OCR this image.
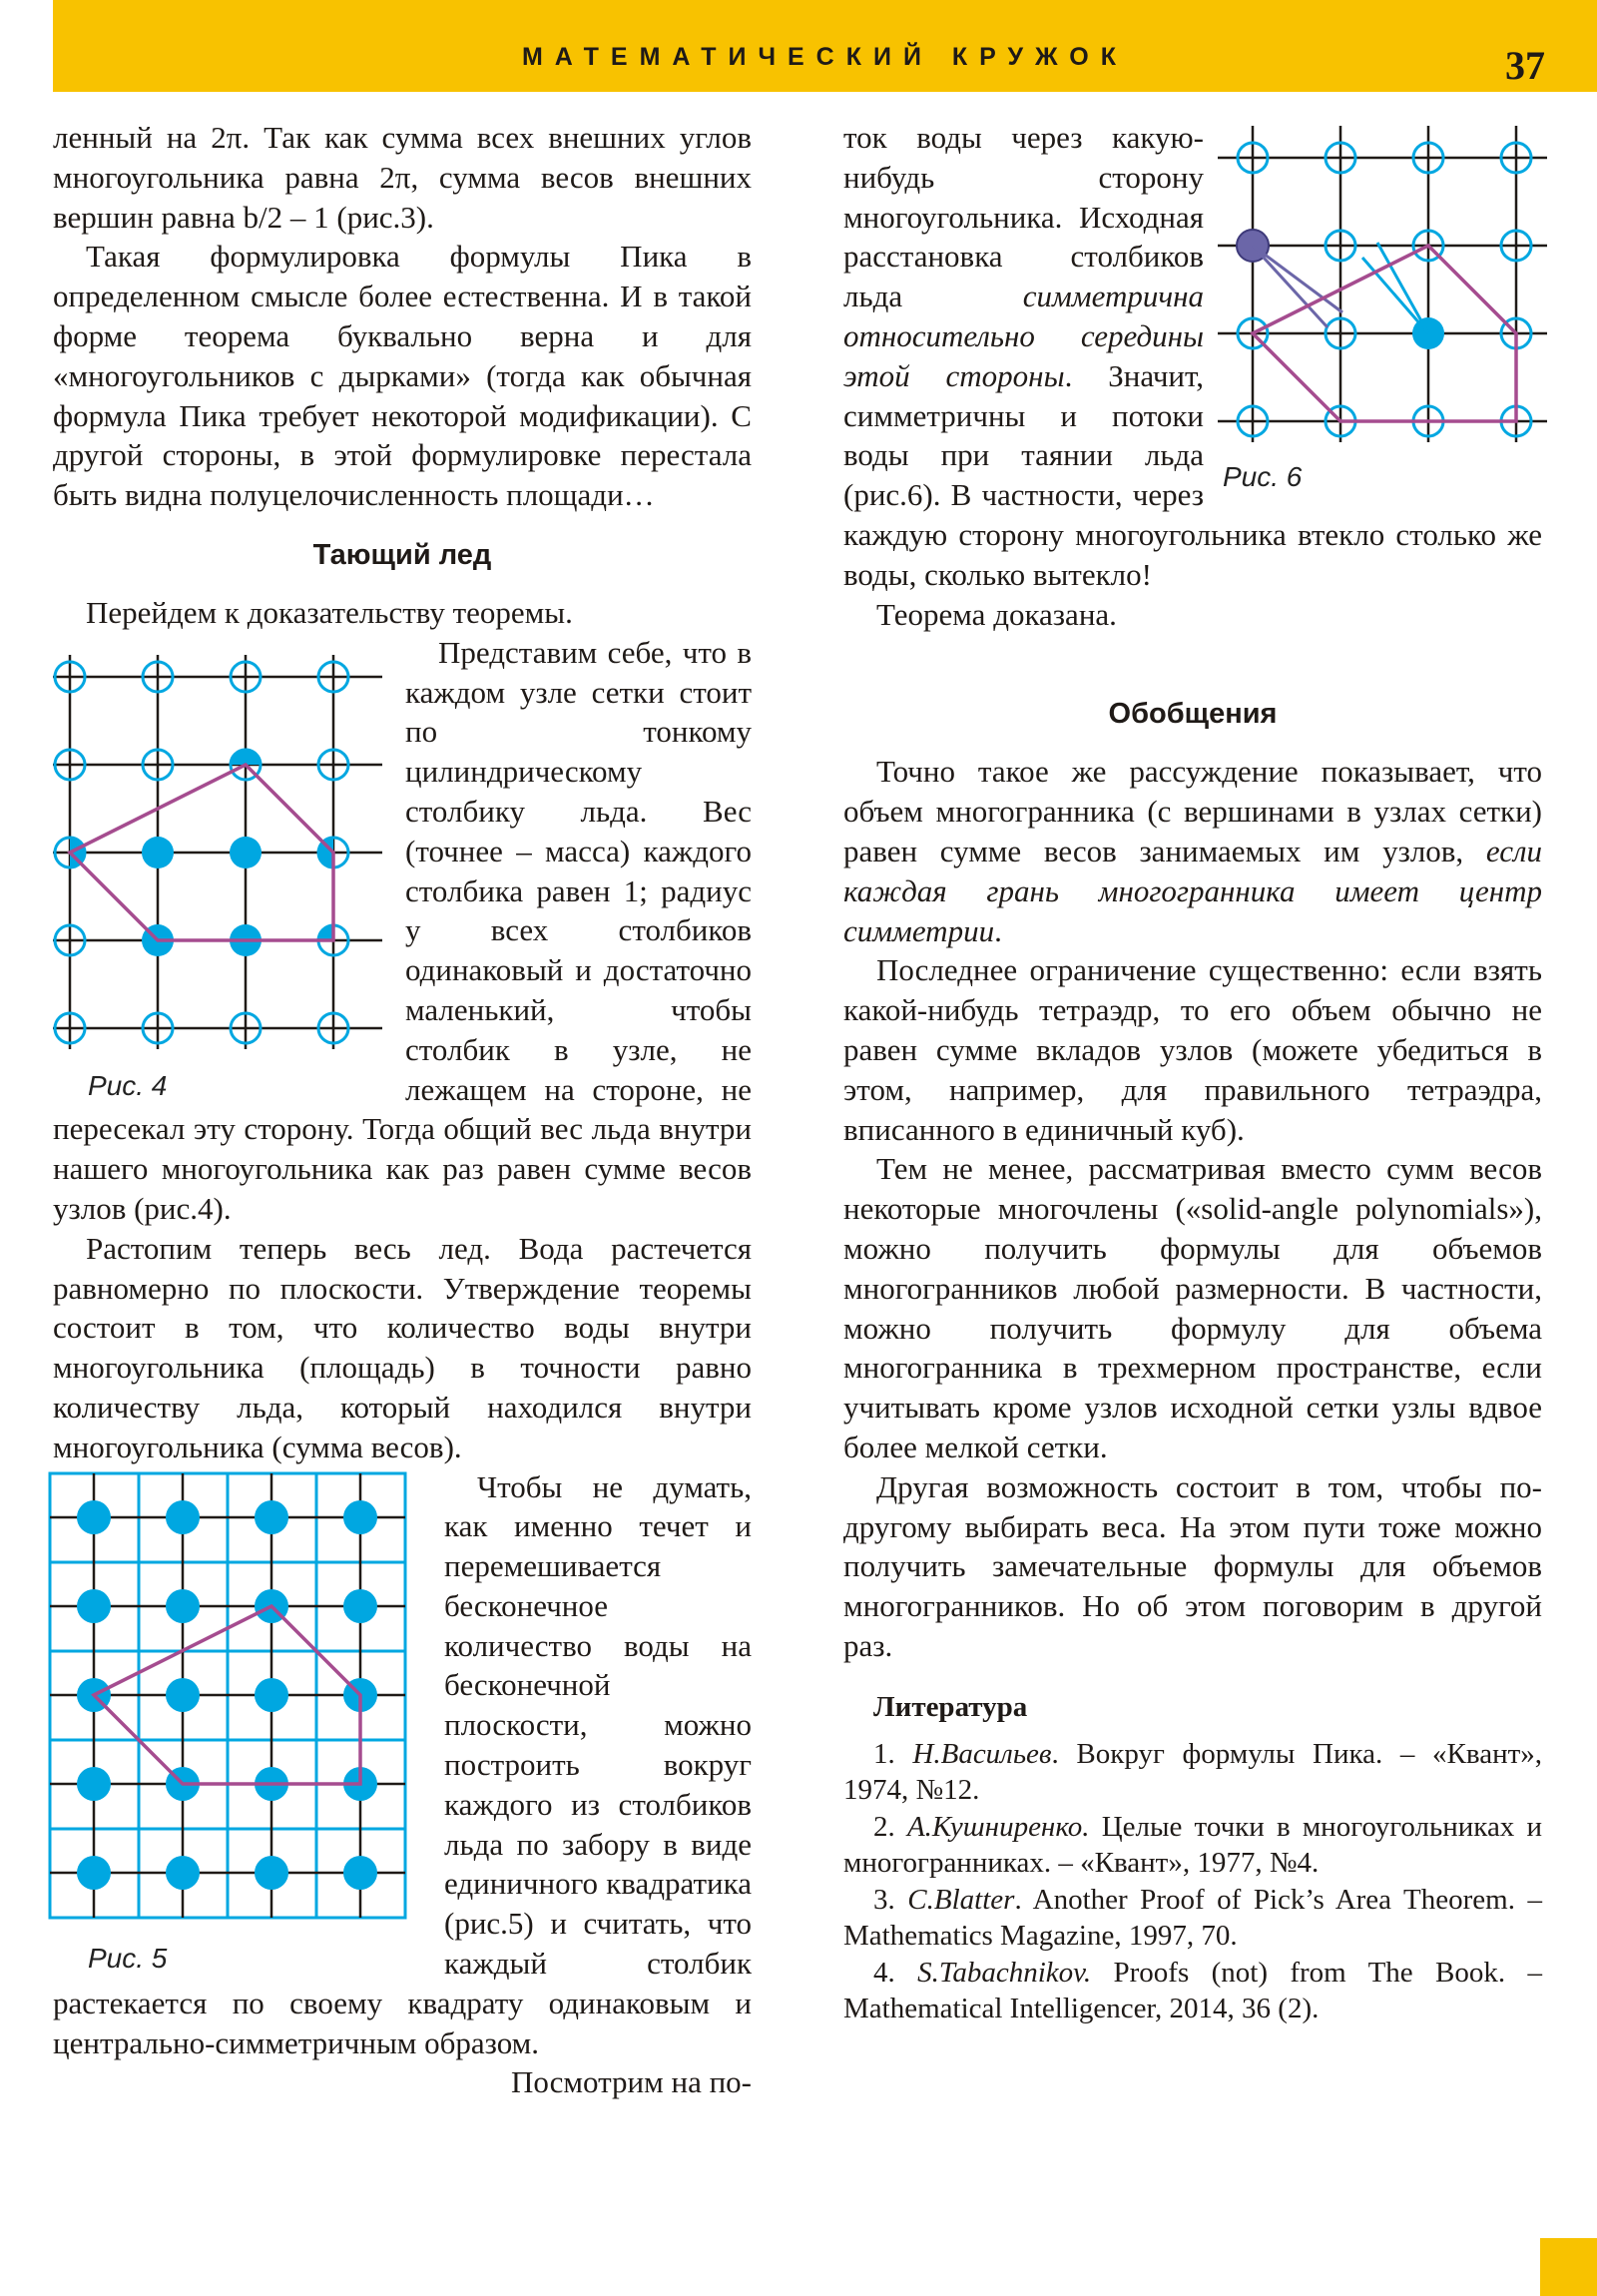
МАТЕМАТИЧЕСКИЙ КРУЖОК	37

ленный на 2π. Так как сумма всех внешних углов многоугольника равна 2π, сумма весов внешних вершин равна b/2 – 1 (рис.3).

Такая формулировка формулы Пика в определенном смысле более естественна. И в такой форме теорема буквально верна и для «многоугольников с дырками» (тогда как обычная формула Пика требует некоторой модификации). С другой стороны, в этой формулировке перестала быть видна полуцелочисленность площади…

Тающий лед

Перейдем к доказательству теоремы.

Рис. 4
Представим себе, что в каждом узле сетки стоит по тонкому цилиндрическому столбику льда. Вес (точнее – масса) каждого столбика равен 1; радиус у всех столбиков одинаковый и достаточно маленький, чтобы столбик в узле, не лежащем на стороне, не пересекал эту сторону. Тогда общий вес льда внутри нашего многоугольника как раз равен сумме весов узлов (рис.4).

Растопим теперь весь лед. Вода растечется равномерно по плоскости. Утверждение теоремы состоит в том, что количество воды внутри многоугольника (площадь) в точности равно количеству льда, который находился внутри многоугольника (сумма весов).

Рис. 5
Чтобы не думать, как именно течет и перемешивается бесконечное количество воды на бесконечной плоскости, можно построить вокруг каждого из столбиков льда по забору в виде единичного квадратика (рис.5) и считать, что каждый столбик растекается по своему квадрату одинаковым и центрально-симметричным образом.

Посмотрим на по-

Рис. 6
ток воды через какую-нибудь сторону многоугольника. Исходная расстановка столбиков льда симметрична относительно середины этой стороны. Значит, симметричны и потоки воды при таянии льда (рис.6). В частности, через каждую сторону многоугольника втекло столько же воды, сколько вытекло!

Теорема доказана.

Обобщения

Точно такое же рассуждение показывает, что объем многогранника (с вершинами в узлах сетки) равен сумме весов занимаемых им узлов, если каждая грань многогранника имеет центр симметрии.

Последнее ограничение существенно: если взять какой-нибудь тетраэдр, то его объем обычно не равен сумме вкладов узлов (можете убедиться в этом, например, для правильного тетраэдра, вписанного в единичный куб).

Тем не менее, рассматривая вместо сумм весов некоторые многочлены («solid-angle polynomials»), можно получить формулы для объемов многогранников любой размерности. В частности, можно получить формулу для объема многогранника в трехмерном пространстве, если учитывать кроме узлов исходной сетки узлы вдвое более мелкой сетки.

Другая возможность состоит в том, чтобы по-другому выбирать веса. На этом пути тоже можно получить замечательные формулы для объемов многогранников. Но об этом поговорим в другой раз.

Литература
1. Н.Васильев. Вокруг формулы Пика. – «Квант», 1974, №12.
2. А.Кушниренко. Целые точки в многоугольниках и многогранниках. – «Квант», 1977, №4.
3. C.Blatter. Another Proof of Pick’s Area Theorem. – Mathematics Magazine, 1997, 70.
4. S.Tabachnikov. Proofs (not) from The Book. – Mathematical Intelligencer, 2014, 36 (2).
